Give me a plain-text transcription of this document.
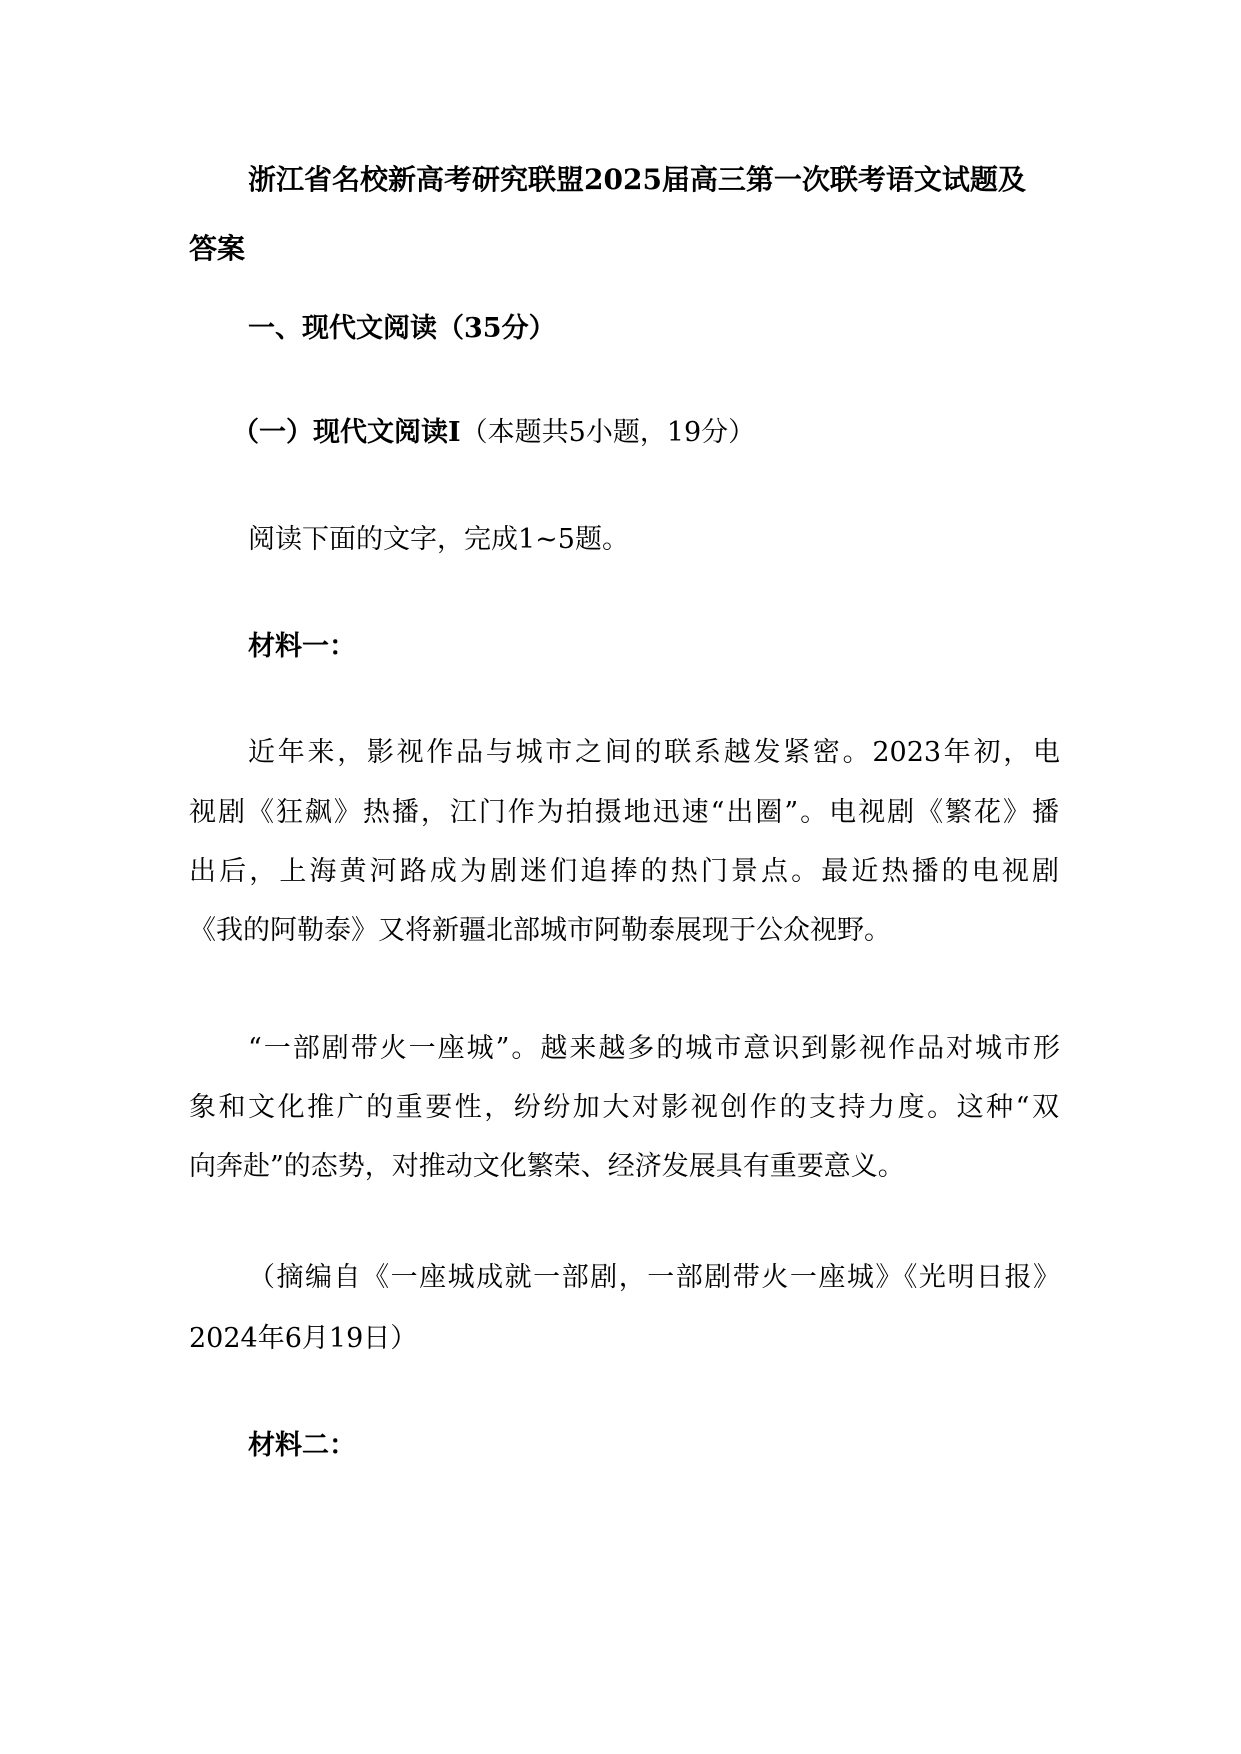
浙江省名校新高考研究联盟2025届高三第一次联考语文试题及

答案

一、现代文阅读（35分）

（一）现代文阅读Ⅰ（本题共5小题，19分）

阅读下面的文字，完成1~5题。

材料一：

近年来，影视作品与城市之间的联系越发紧密。2023年初，电

视剧《狂飙》热播，江门作为拍摄地迅速“出圈”。电视剧《繁花》播

出后，上海黄河路成为剧迷们追捧的热门景点。最近热播的电视剧

《我的阿勒泰》又将新疆北部城市阿勒泰展现于公众视野。

“一部剧带火一座城”。越来越多的城市意识到影视作品对城市形

象和文化推广的重要性，纷纷加大对影视创作的支持力度。这种“双

向奔赴”的态势，对推动文化繁荣、经济发展具有重要意义。

（摘编自《一座城成就一部剧，一部剧带火一座城》《光明日报》

2024年6月19日）

材料二：
